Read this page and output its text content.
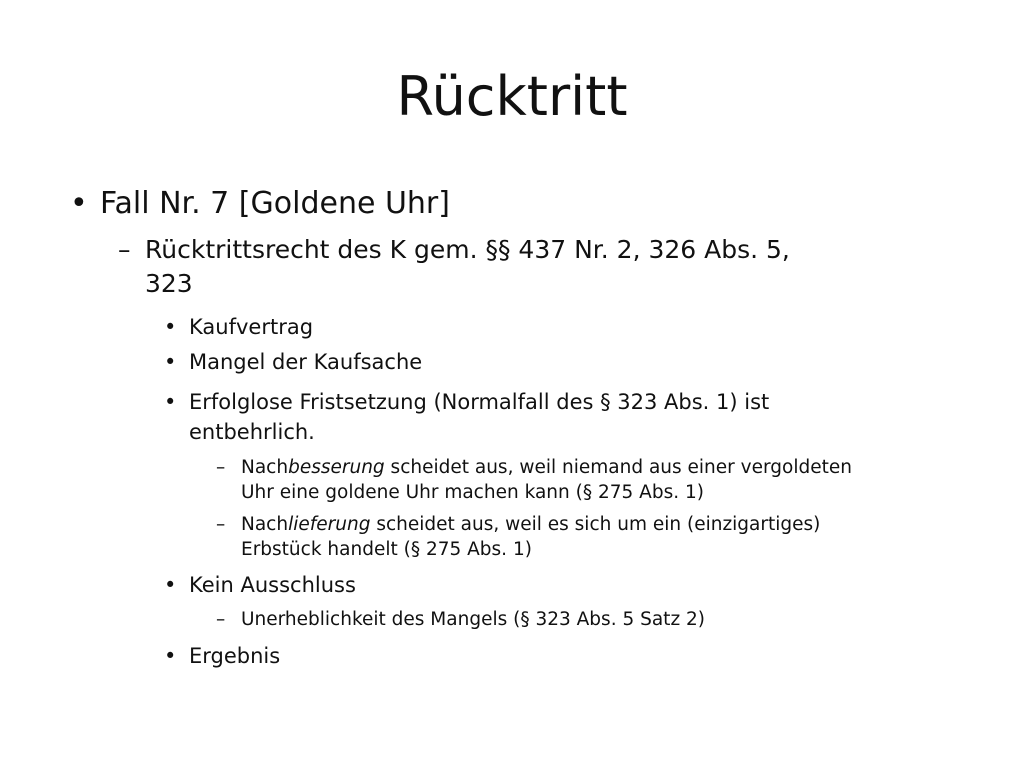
Rücktritt
• Fall Nr. 7 [Goldene Uhr]
– Rücktrittsrecht des K gem. §§ 437 Nr. 2, 326 Abs. 5,
323
• Kaufvertrag
• Mangel der Kaufsache
• Erfolglose Fristsetzung (Normalfall des § 323 Abs. 1) ist
entbehrlich.
– Nachbesserung scheidet aus, weil niemand aus einer vergoldeten
Uhr eine goldene Uhr machen kann (§ 275 Abs. 1)
– Nachlieferung scheidet aus, weil es sich um ein (einzigartiges)
Erbstück handelt (§ 275 Abs. 1)
• Kein Ausschluss
– Unerheblichkeit des Mangels (§ 323 Abs. 5 Satz 2)
• Ergebnis
